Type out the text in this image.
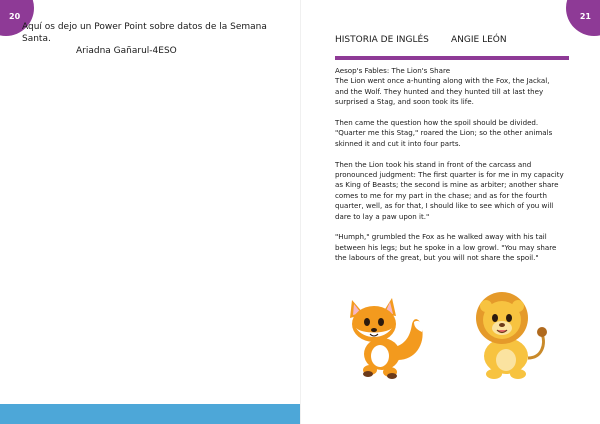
20
Aquí os dejo un Power Point sobre datos de la Semana Santa.
Ariadna Gañarul-4ESO
21
HISTORIA DE INGLÉS ANGIE LEÓN
Aesop's Fables: The Lion's Share

The Lion went once a-hunting along with the Fox, the Jackal, and the Wolf. They hunted and they hunted till at last they surprised a Stag, and soon took its life.

Then came the question how the spoil should be divided. "Quarter me this Stag," roared the Lion; so the other animals skinned it and cut it into four parts.

Then the Lion took his stand in front of the carcass and pronounced judgment: The first quarter is for me in my capacity as King of Beasts; the second is mine as arbiter; another share comes to me for my part in the chase; and as for the fourth quarter, well, as for that, I should like to see which of you will dare to lay a paw upon it."

"Humph," grumbled the Fox as he walked away with his tail between his legs; but he spoke in a low growl. "You may share the labours of the great, but you will not share the spoil."
